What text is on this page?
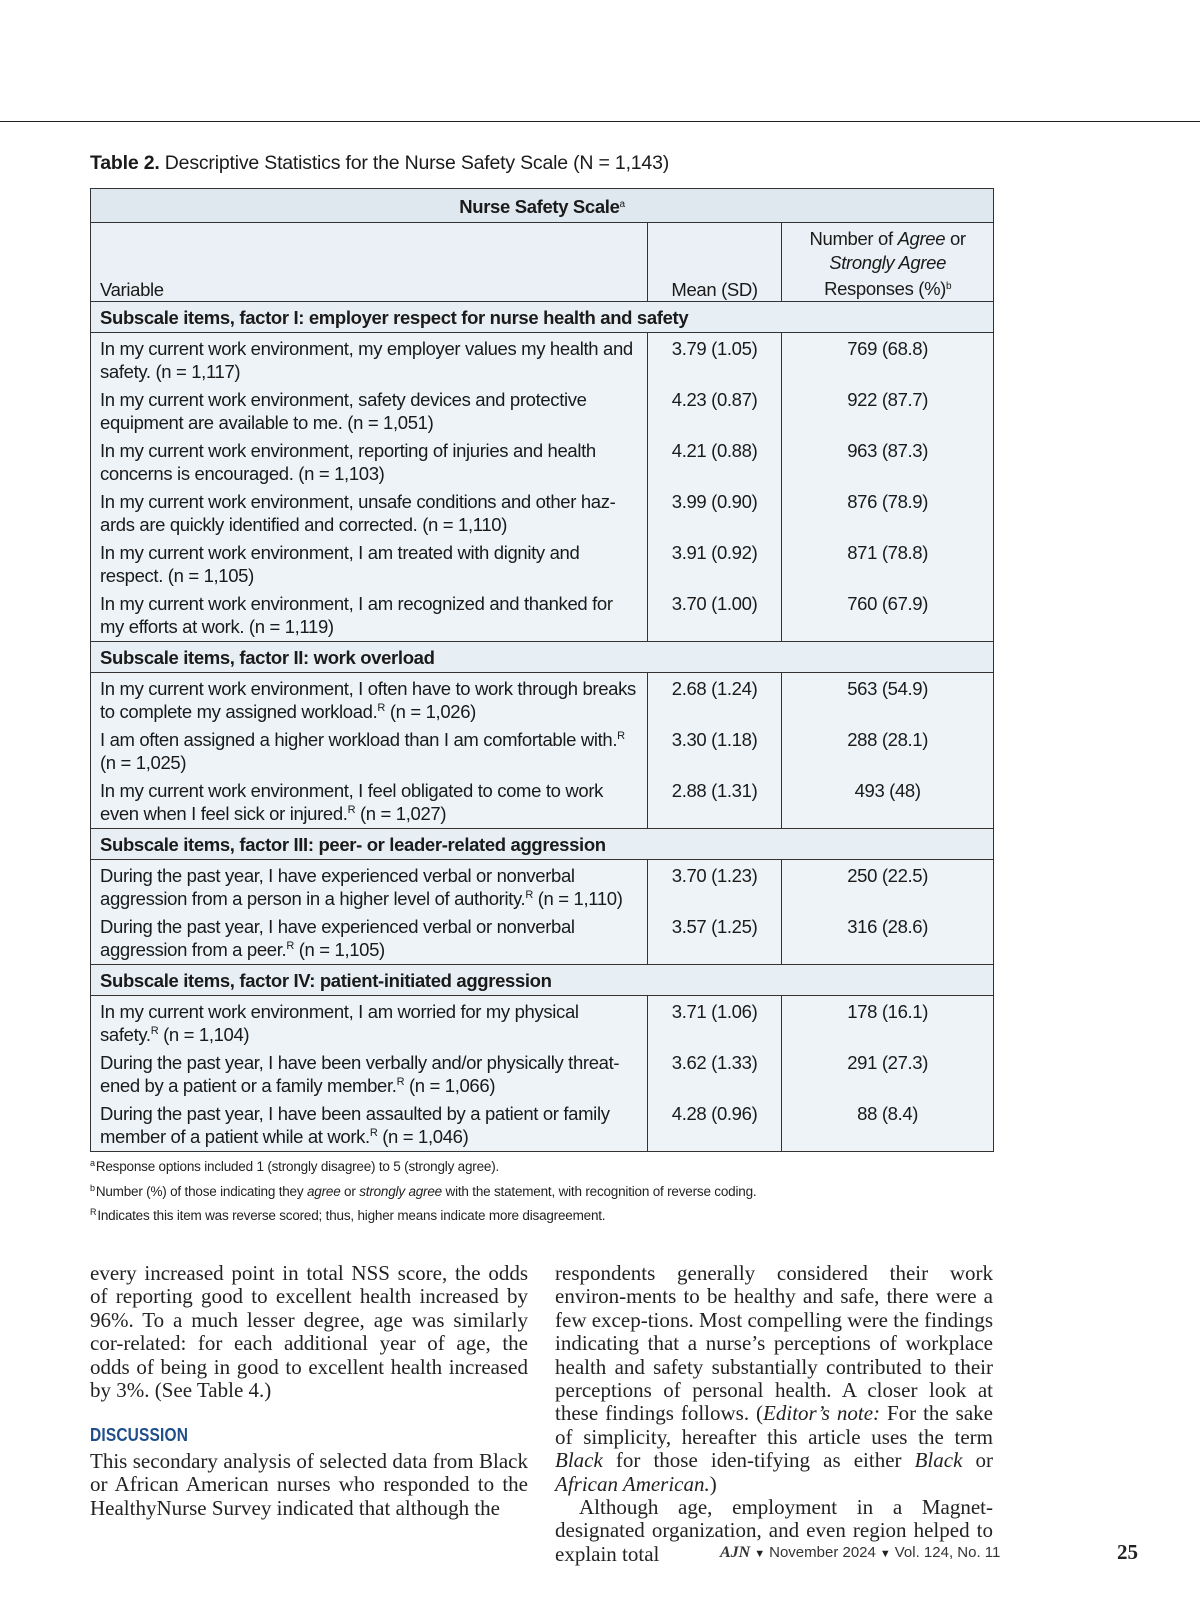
Table 2. Descriptive Statistics for the Nurse Safety Scale (N = 1,143)
Nurse Safety Scale$^a$
Variable	Mean (SD)	Number of Agree or
Strongly Agree
Responses (%)$^b$
Subscale items, factor I: employer respect for nurse health and safety		
In my current work environment, my employer values my health and safety. (n = 1,117)	3.79 (1.05)	769 (68.8)
In my current work environment, safety devices and protective equipment are available to me. (n = 1,051)	4.23 (0.87)	922 (87.7)
In my current work environment, reporting of injuries and health concerns is encouraged. (n = 1,103)	4.21 (0.88)	963 (87.3)
In my current work environment, unsafe conditions and other haz-ards are quickly identified and corrected. (n = 1,110)	3.99 (0.90)	876 (78.9)
In my current work environment, I am treated with dignity and respect. (n = 1,105)	3.91 (0.92)	871 (78.8)
In my current work environment, I am recognized and thanked for my efforts at work. (n = 1,119)	3.70 (1.00)	760 (67.9)
Subscale items, factor II: work overload		
In my current work environment, I often have to work through breaks to complete my assigned workload.$^R$ (n = 1,026)	2.68 (1.24)	563 (54.9)
I am often assigned a higher workload than I am comfortable with.$^R$ (n = 1,025)	3.30 (1.18)	288 (28.1)
In my current work environment, I feel obligated to come to work even when I feel sick or injured.$^R$ (n = 1,027)	2.88 (1.31)	493 (48)
Subscale items, factor III: peer- or leader-related aggression		
During the past year, I have experienced verbal or nonverbal aggression from a person in a higher level of authority.$^R$ (n = 1,110)	3.70 (1.23)	250 (22.5)
During the past year, I have experienced verbal or nonverbal aggression from a peer.$^R$ (n = 1,105)	3.57 (1.25)	316 (28.6)
Subscale items, factor IV: patient-initiated aggression		
In my current work environment, I am worried for my physical safety.$^R$ (n = 1,104)	3.71 (1.06)	178 (16.1)
During the past year, I have been verbally and/or physically threat-ened by a patient or a family member.$^R$ (n = 1,066)	3.62 (1.33)	291 (27.3)
During the past year, I have been assaulted by a patient or family member of a patient while at work.$^R$ (n = 1,046)	4.28 (0.96)	88 (8.4)
$^a$Response options included 1 (strongly disagree) to 5 (strongly agree).
$^b$Number (%) of those indicating they agree or strongly agree with the statement, with recognition of reverse coding.
$^R$Indicates this item was reverse scored; thus, higher means indicate more disagreement.

every increased point in total NSS score, the odds of reporting good to excellent health increased by 96%. To a much lesser degree, age was similarly cor-related: for each additional year of age, the odds of being in good to excellent health increased by 3%. (See Table 4.)

DISCUSSION

This secondary analysis of selected data from Black or African American nurses who responded to the HealthyNurse Survey indicated that although the

respondents generally considered their work environ-ments to be healthy and safe, there were a few excep-tions. Most compelling were the findings indicating that a nurse’s perceptions of workplace health and safety substantially contributed to their perceptions of personal health. A closer look at these findings follows. (Editor’s note: For the sake of simplicity, hereafter this article uses the term Black for those iden-tifying as either Black or African American.)

Although age, employment in a Magnet-designated organization, and even region helped to explain total	AJN ▼ November 2024 ▼ Vol. 124, No. 11	25
